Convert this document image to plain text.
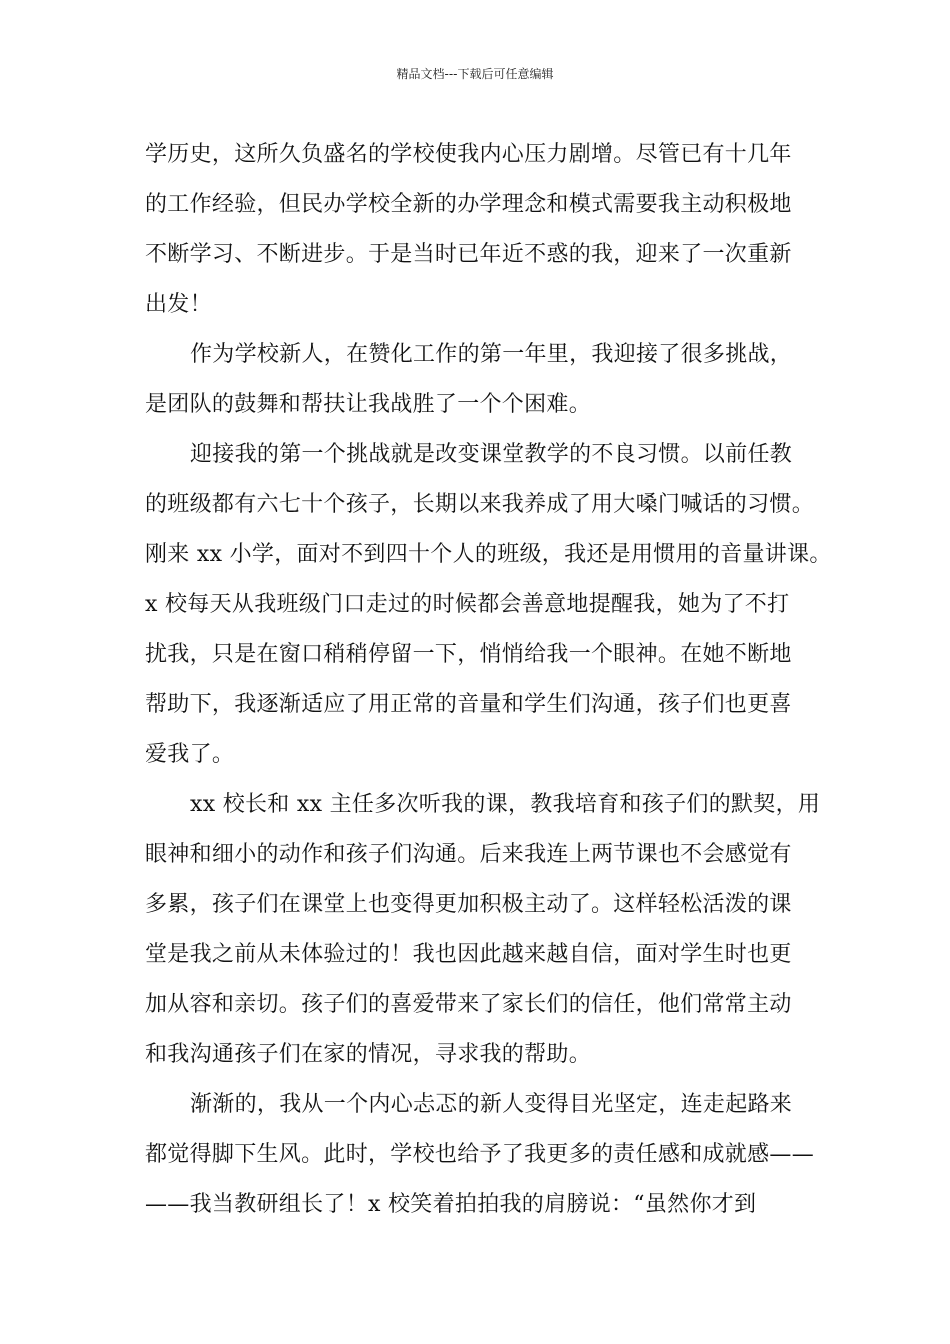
精品文档---下载后可任意编辑
学历史，这所久负盛名的学校使我内心压力剧增。尽管已有十几年
的工作经验，但民办学校全新的办学理念和模式需要我主动积极地
不断学习、不断进步。于是当时已年近不惑的我，迎来了一次重新
出发！
作为学校新人，在赞化工作的第一年里，我迎接了很多挑战，
是团队的鼓舞和帮扶让我战胜了一个个困难。
迎接我的第一个挑战就是改变课堂教学的不良习惯。以前任教
的班级都有六七十个孩子，长期以来我养成了用大嗓门喊话的习惯。
刚来 xx 小学，面对不到四十个人的班级，我还是用惯用的音量讲课。
x 校每天从我班级门口走过的时候都会善意地提醒我，她为了不打
扰我，只是在窗口稍稍停留一下，悄悄给我一个眼神。在她不断地
帮助下，我逐渐适应了用正常的音量和学生们沟通，孩子们也更喜
爱我了。
xx 校长和 xx 主任多次听我的课，教我培育和孩子们的默契，用
眼神和细小的动作和孩子们沟通。后来我连上两节课也不会感觉有
多累，孩子们在课堂上也变得更加积极主动了。这样轻松活泼的课
堂是我之前从未体验过的！我也因此越来越自信，面对学生时也更
加从容和亲切。孩子们的喜爱带来了家长们的信任，他们常常主动
和我沟通孩子们在家的情况，寻求我的帮助。
渐渐的，我从一个内心忐忑的新人变得目光坚定，连走起路来
都觉得脚下生风。此时，学校也给予了我更多的责任感和成就感——
——我当教研组长了！x 校笑着拍拍我的肩膀说：“虽然你才到
